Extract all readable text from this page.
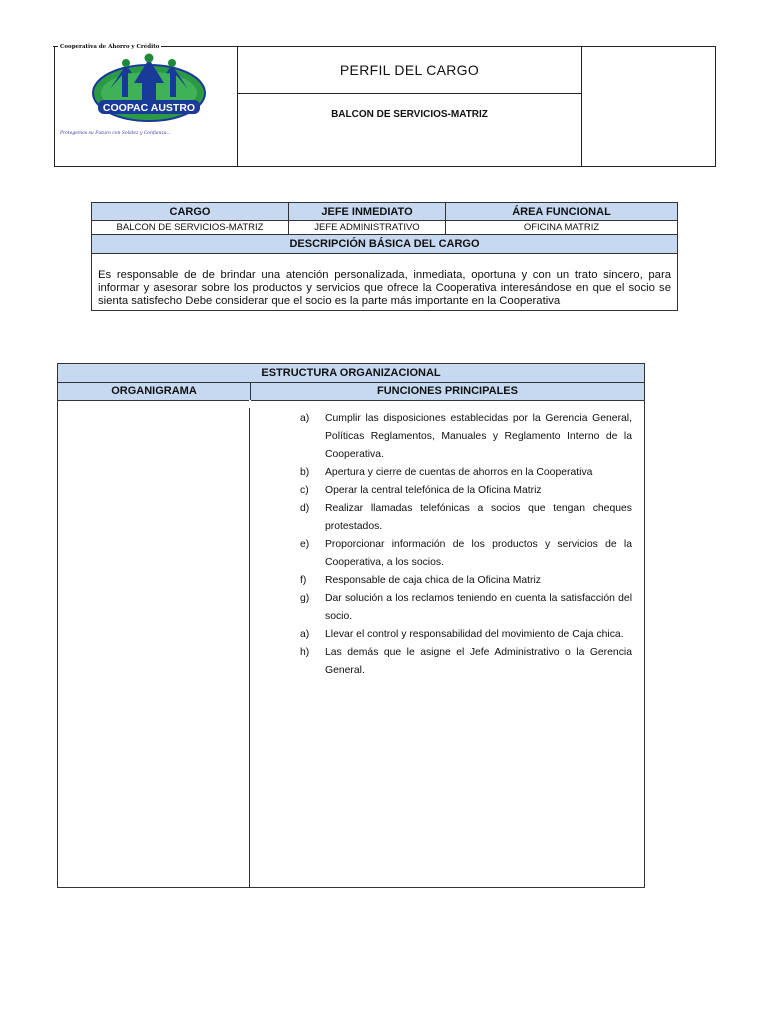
Cooperativa de Ahorro y Crédito
COOPAC AUSTRO
Protegemos su Futuro con Solidez y Confianza...
PERFIL DEL CARGO
BALCON DE SERVICIOS-MATRIZ
CARGO	JEFE INMEDIATO	ÁREA FUNCIONAL
BALCON DE SERVICIOS-MATRIZ	JEFE ADMINISTRATIVO	OFICINA MATRIZ
DESCRIPCIÓN BÁSICA DEL CARGO		
Es responsable de de brindar una atención personalizada, inmediata, oportuna y con un trato sincero, para informar y asesorar sobre los productos y servicios que ofrece la Cooperativa interesándose en que el socio se sienta satisfecho Debe considerar que el socio es la parte más importante en la Cooperativa		
ESTRUCTURA ORGANIZACIONAL
ORGANIGRAMA	FUNCIONES PRINCIPALES
a)	Cumplir las disposiciones establecidas por la Gerencia General, Políticas Reglamentos, Manuales y Reglamento Interno de la Cooperativa.
b)	Apertura y cierre de cuentas de ahorros en la Cooperativa
c)	Operar la central telefónica de la Oficina Matriz
d)	Realizar llamadas telefónicas a socios que tengan cheques protestados.
e)	Proporcionar información de los productos y servicios de la Cooperativa, a los socios.
f)	Responsable de caja chica de la Oficina Matriz
g)	Dar solución a los reclamos teniendo en cuenta la satisfacción del socio.
a)	Llevar el control y responsabilidad del movimiento de Caja chica.
h)	Las demás que le asigne el Jefe Administrativo o la Gerencia General.
